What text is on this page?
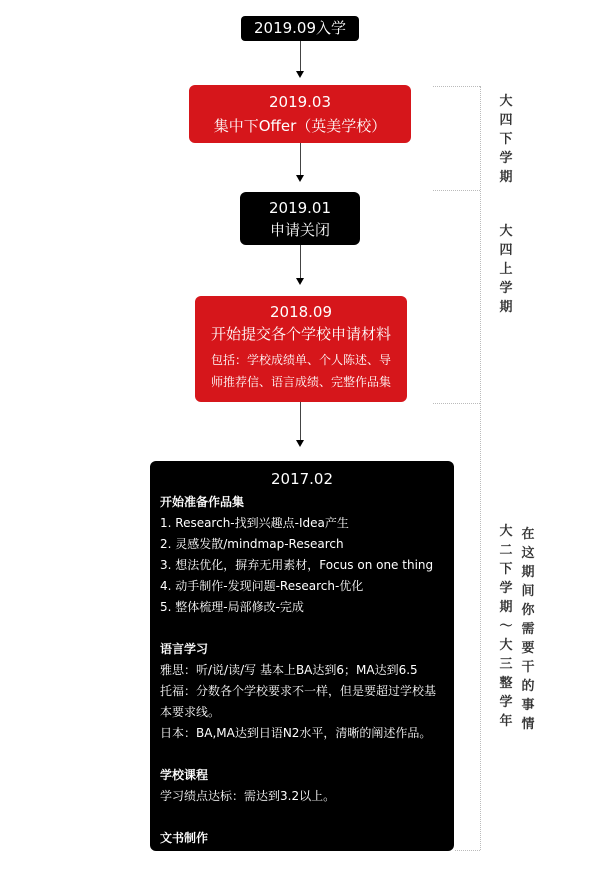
2019.09入学
2019.03
集中下Offer（英美学校）
2019.01
申请关闭
2018.09
开始提交各个学校申请材料
包括：学校成绩单、个人陈述、导
师推荐信、语言成绩、完整作品集
2017.02
开始准备作品集
1. Research-找到兴趣点-Idea产生
2. 灵感发散/mindmap-Research
3. 想法优化，摒弃无用素材，Focus on one thing
4. 动手制作-发现问题-Research-优化
5. 整体梳理-局部修改-完成
语言学习
雅思：听/说/读/写 基本上BA达到6；MA达到6.5
托福：分数各个学校要求不一样，但是要超过学校基
本要求线。
日本：BA,MA达到日语N2水平，清晰的阐述作品。
学校课程
学习绩点达标：需达到3.2以上。
文书制作
大四下学期
大四上学期
大二下学期～大三整学年
在这期间你需要干的事情
